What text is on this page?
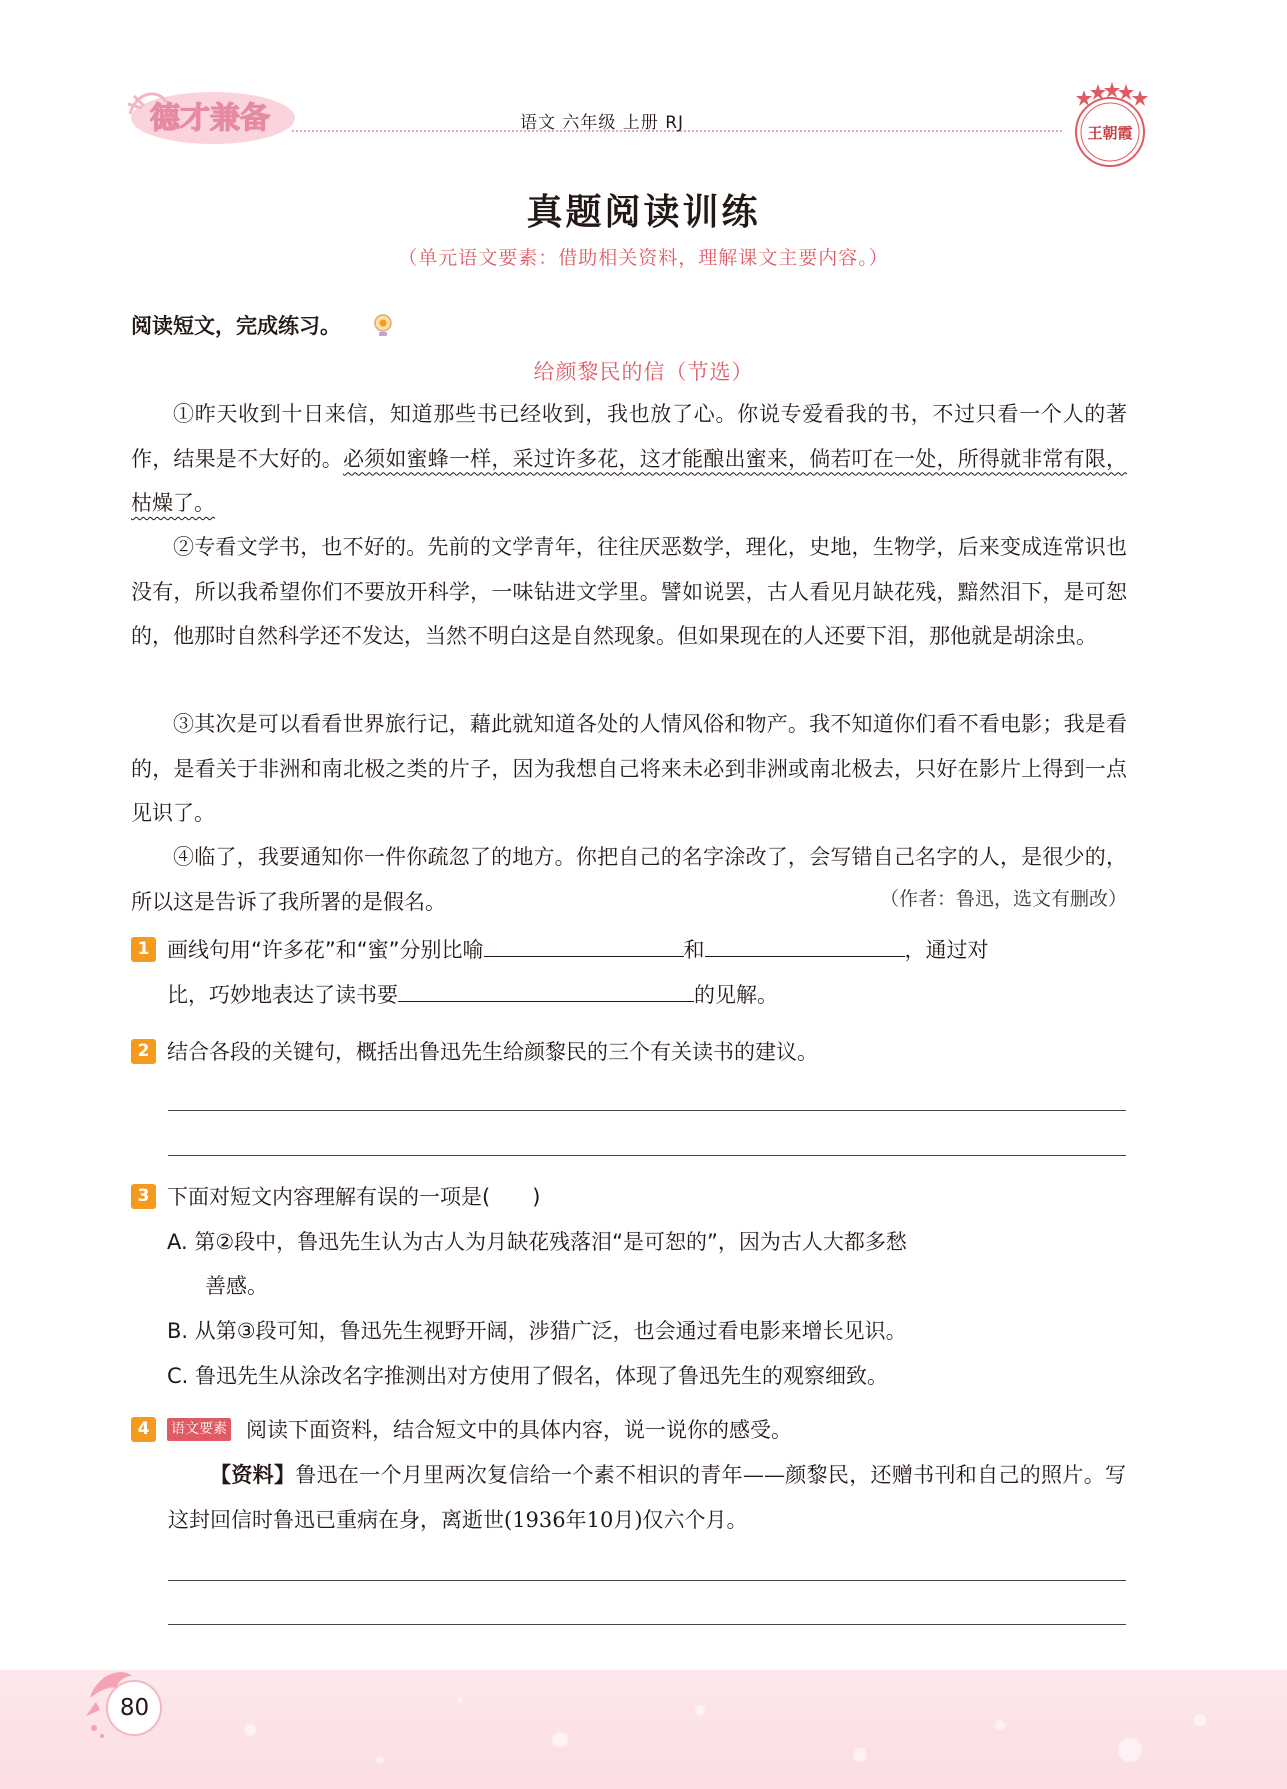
德才兼备	语文 六年级 上册 RJ	王朝霞
真题阅读训练
（单元语文要素：借助相关资料，理解课文主要内容。）
阅读短文，完成练习。
给颜黎民的信（节选）

①昨天收到十日来信，知道那些书已经收到，我也放了心。你说专爱看我的书，不过只看一个人的著作，结果是不大好的。必须如蜜蜂一样，采过许多花，这才能酿出蜜来，倘若叮在一处，所得就非常有限，枯燥了。

②专看文学书，也不好的。先前的文学青年，往往厌恶数学，理化，史地，生物学，后来变成连常识也没有，所以我希望你们不要放开科学，一味钻进文学里。譬如说罢，古人看见月缺花残，黯然泪下，是可恕的，他那时自然科学还不发达，当然不明白这是自然现象。但如果现在的人还要下泪，那他就是胡涂虫。

③其次是可以看看世界旅行记，藉此就知道各处的人情风俗和物产。我不知道你们看不看电影；我是看的，是看关于非洲和南北极之类的片子，因为我想自己将来未必到非洲或南北极去，只好在影片上得到一点见识了。

④临了，我要通知你一件你疏忽了的地方。你把自己的名字涂改了，会写错自己名字的人，是很少的，所以这是告诉了我所署的是假名。	（作者：鲁迅，选文有删改）
1 画线句用“许多花”和“蜜”分别比喻	和	，通过对

比，巧妙地表达了读书要	的见解。

2 结合各段的关键句，概括出鲁迅先生给颜黎民的三个有关读书的建议。

3 下面对短文内容理解有误的一项是(　　)

A. 第②段中，鲁迅先生认为古人为月缺花残落泪“是可恕的”，因为古人大都多愁

善感。

B. 从第③段可知，鲁迅先生视野开阔，涉猎广泛，也会通过看电影来增长见识。

C. 鲁迅先生从涂改名字推测出对方使用了假名，体现了鲁迅先生的观察细致。

4	语文要素 阅读下面资料，结合短文中的具体内容，说一说你的感受。

【资料】鲁迅在一个月里两次复信给一个素不相识的青年——颜黎民，还赠书刊和自己的照片。写这封回信时鲁迅已重病在身，离逝世(1936年10月)仅六个月。

80
